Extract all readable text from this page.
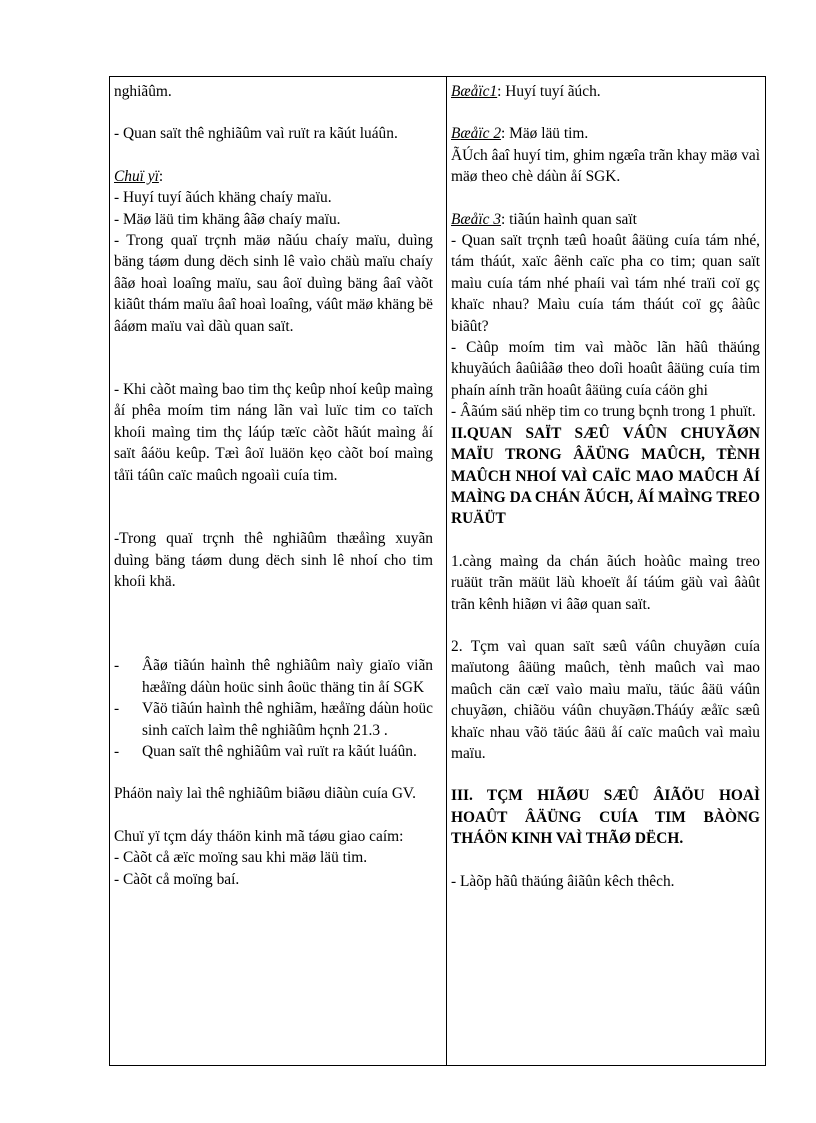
nghiãûm.

- Quan saït thê nghiãûm vaì ruït ra kãút luáûn.

Chuï yï:

- Huyí tuyí ãúch khäng chaíy maïu.

- Mäø läü tim khäng âãø chaíy maïu.

- Trong quaï trçnh mäø nãúu chaíy maïu, duìng bäng táøm dung dëch sinh lê vaìo chäù maïu chaíy âãø hoaì loaîng maïu, sau âoï duìng bäng âaî vàõt kiãût thám maïu âaî hoaì loaîng, váût mäø khäng bë âáøm maïu vaì dãù quan saït.

- Khi càõt maìng bao tim thç keûp nhoí keûp maìng åí phêa moím tim náng lãn vaì luïc tim co taïch khoíi maìng tim thç láúp tæïc càõt hãút maìng åí saït âáöu keûp. Tæì âoï luäön kẹo càõt boí maìng tåïi táûn caïc maûch ngoaìi cuía tim.

-Trong quaï trçnh thê nghiãûm thæåìng xuyãn duìng bäng táøm dung dëch sinh lê nhoí cho tim khoíi khä.

-	Âãø tiãún haình thê nghiãûm naìy giaïo viãn hæåïng dáùn hoüc sinh âoüc thäng tin åí SGK
-	Vãö tiãún haình thê nghiãm, hæåïng dáùn hoüc sinh caïch laìm thê nghiãûm hçnh 21.3 .
-	Quan saït thê nghiãûm vaì ruït ra kãút luáûn.

Pháön naìy laì thê nghiãûm biãøu diãùn cuía GV.

Chuï yï tçm dáy tháön kinh mã táøu giao caím:

- Càõt cå æïc moïng sau khi mäø läü tim.

- Càõt cå moïng baí.

Bæåïc1: Huyí tuyí ãúch.

Bæåïc 2: Mäø läü tim.

ÃÚch âaî huyí tim, ghim ngæîa trãn khay mäø vaì mäø theo chè dáùn åí SGK.

Bæåïc 3: tiãún haình quan saït

- Quan saït trçnh tæû hoaût âäüng cuía tám nhé, tám tháút, xaïc âënh caïc pha co tim; quan saït maìu cuía tám nhé phaíi vaì tám nhé traïi coï gç khaïc nhau? Maìu cuía tám tháút coï gç âàûc biãût?

- Càûp moím tim vaì màõc lãn hãû thäúng khuyãúch âaûiâãø theo doîi hoaût âäüng cuía tim phaín aính trãn hoaût âäüng cuía cáön ghi

- Âãúm säú nhëp tim co trung bçnh trong 1 phuït.

II.QUAN SAÏT SÆÛ VÁÛN CHUYÃØN MAÏU TRONG ÂÄÜNG MAÛCH, TÈNH MAÛCH NHOÍ VAÌ CAÏC MAO MAÛCH ÅÍ MAÌNG DA CHÁN ÃÚCH, ÅÍ MAÌNG TREO RUÄÜT

1.càng maìng da chán ãúch hoàûc maìng treo ruäüt trãn mäüt läù khoeït åí táúm gäù vaì âàût trãn kênh hiãøn vi âãø quan saït.

2. Tçm vaì quan saït sæû váûn chuyãøn cuía maïutong âäüng maûch, tènh maûch vaì mao maûch cän cæï vaìo maìu maïu, täúc âäü váûn chuyãøn, chiãöu váûn chuyãøn.Tháúy æåïc sæû khaïc nhau vãö täúc âäü åí caïc maûch vaì maìu maïu.

III. TÇM HIÃØU SÆÛ ÂIÃÖU HOAÌ HOAÛT ÂÄÜNG CUÍA TIM BÀÒNG THÁÖN KINH VAÌ THÃØ DËCH.

- Làõp hãû thäúng âiãûn kêch thêch.
